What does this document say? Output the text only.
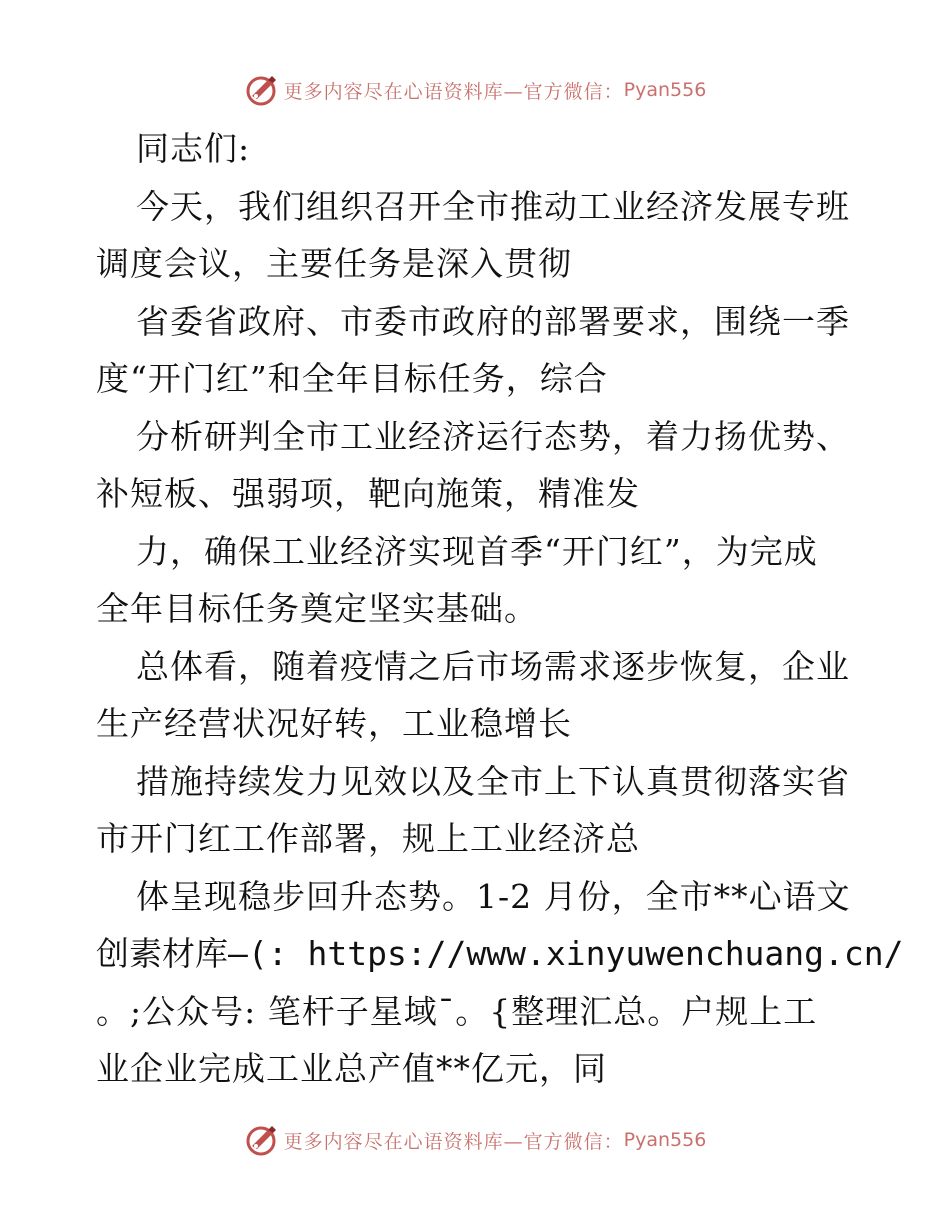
更多内容尽在心语资料库—官方微信： Pyan556
同志们:
今天，我们组织召开全市推动工业经济发展专班
调度会议，主要任务是深入贯彻
省委省政府、市委市政府的部署要求，围绕一季
度“开门红”和全年目标任务，综合
分析研判全市工业经济运行态势，着力扬优势、
补短板、强弱项，靶向施策，精准发
力，确保工业经济实现首季“开门红”，为完成
全年目标任务奠定坚实基础。
总体看，随着疫情之后市场需求逐步恢复，企业
生产经营状况好转，工业稳增长
措施持续发力见效以及全市上下认真贯彻落实省
市开门红工作部署，规上工业经济总
体呈现稳步回升态势。1-2 月份，全市**心语文
创素材库—(: https://www.xinyuwenchuang.cn/
。;公众号: 笔杆子星域¯。{整理汇总。户规上工
业企业完成工业总产值**亿元，同
更多内容尽在心语资料库—官方微信： Pyan556
